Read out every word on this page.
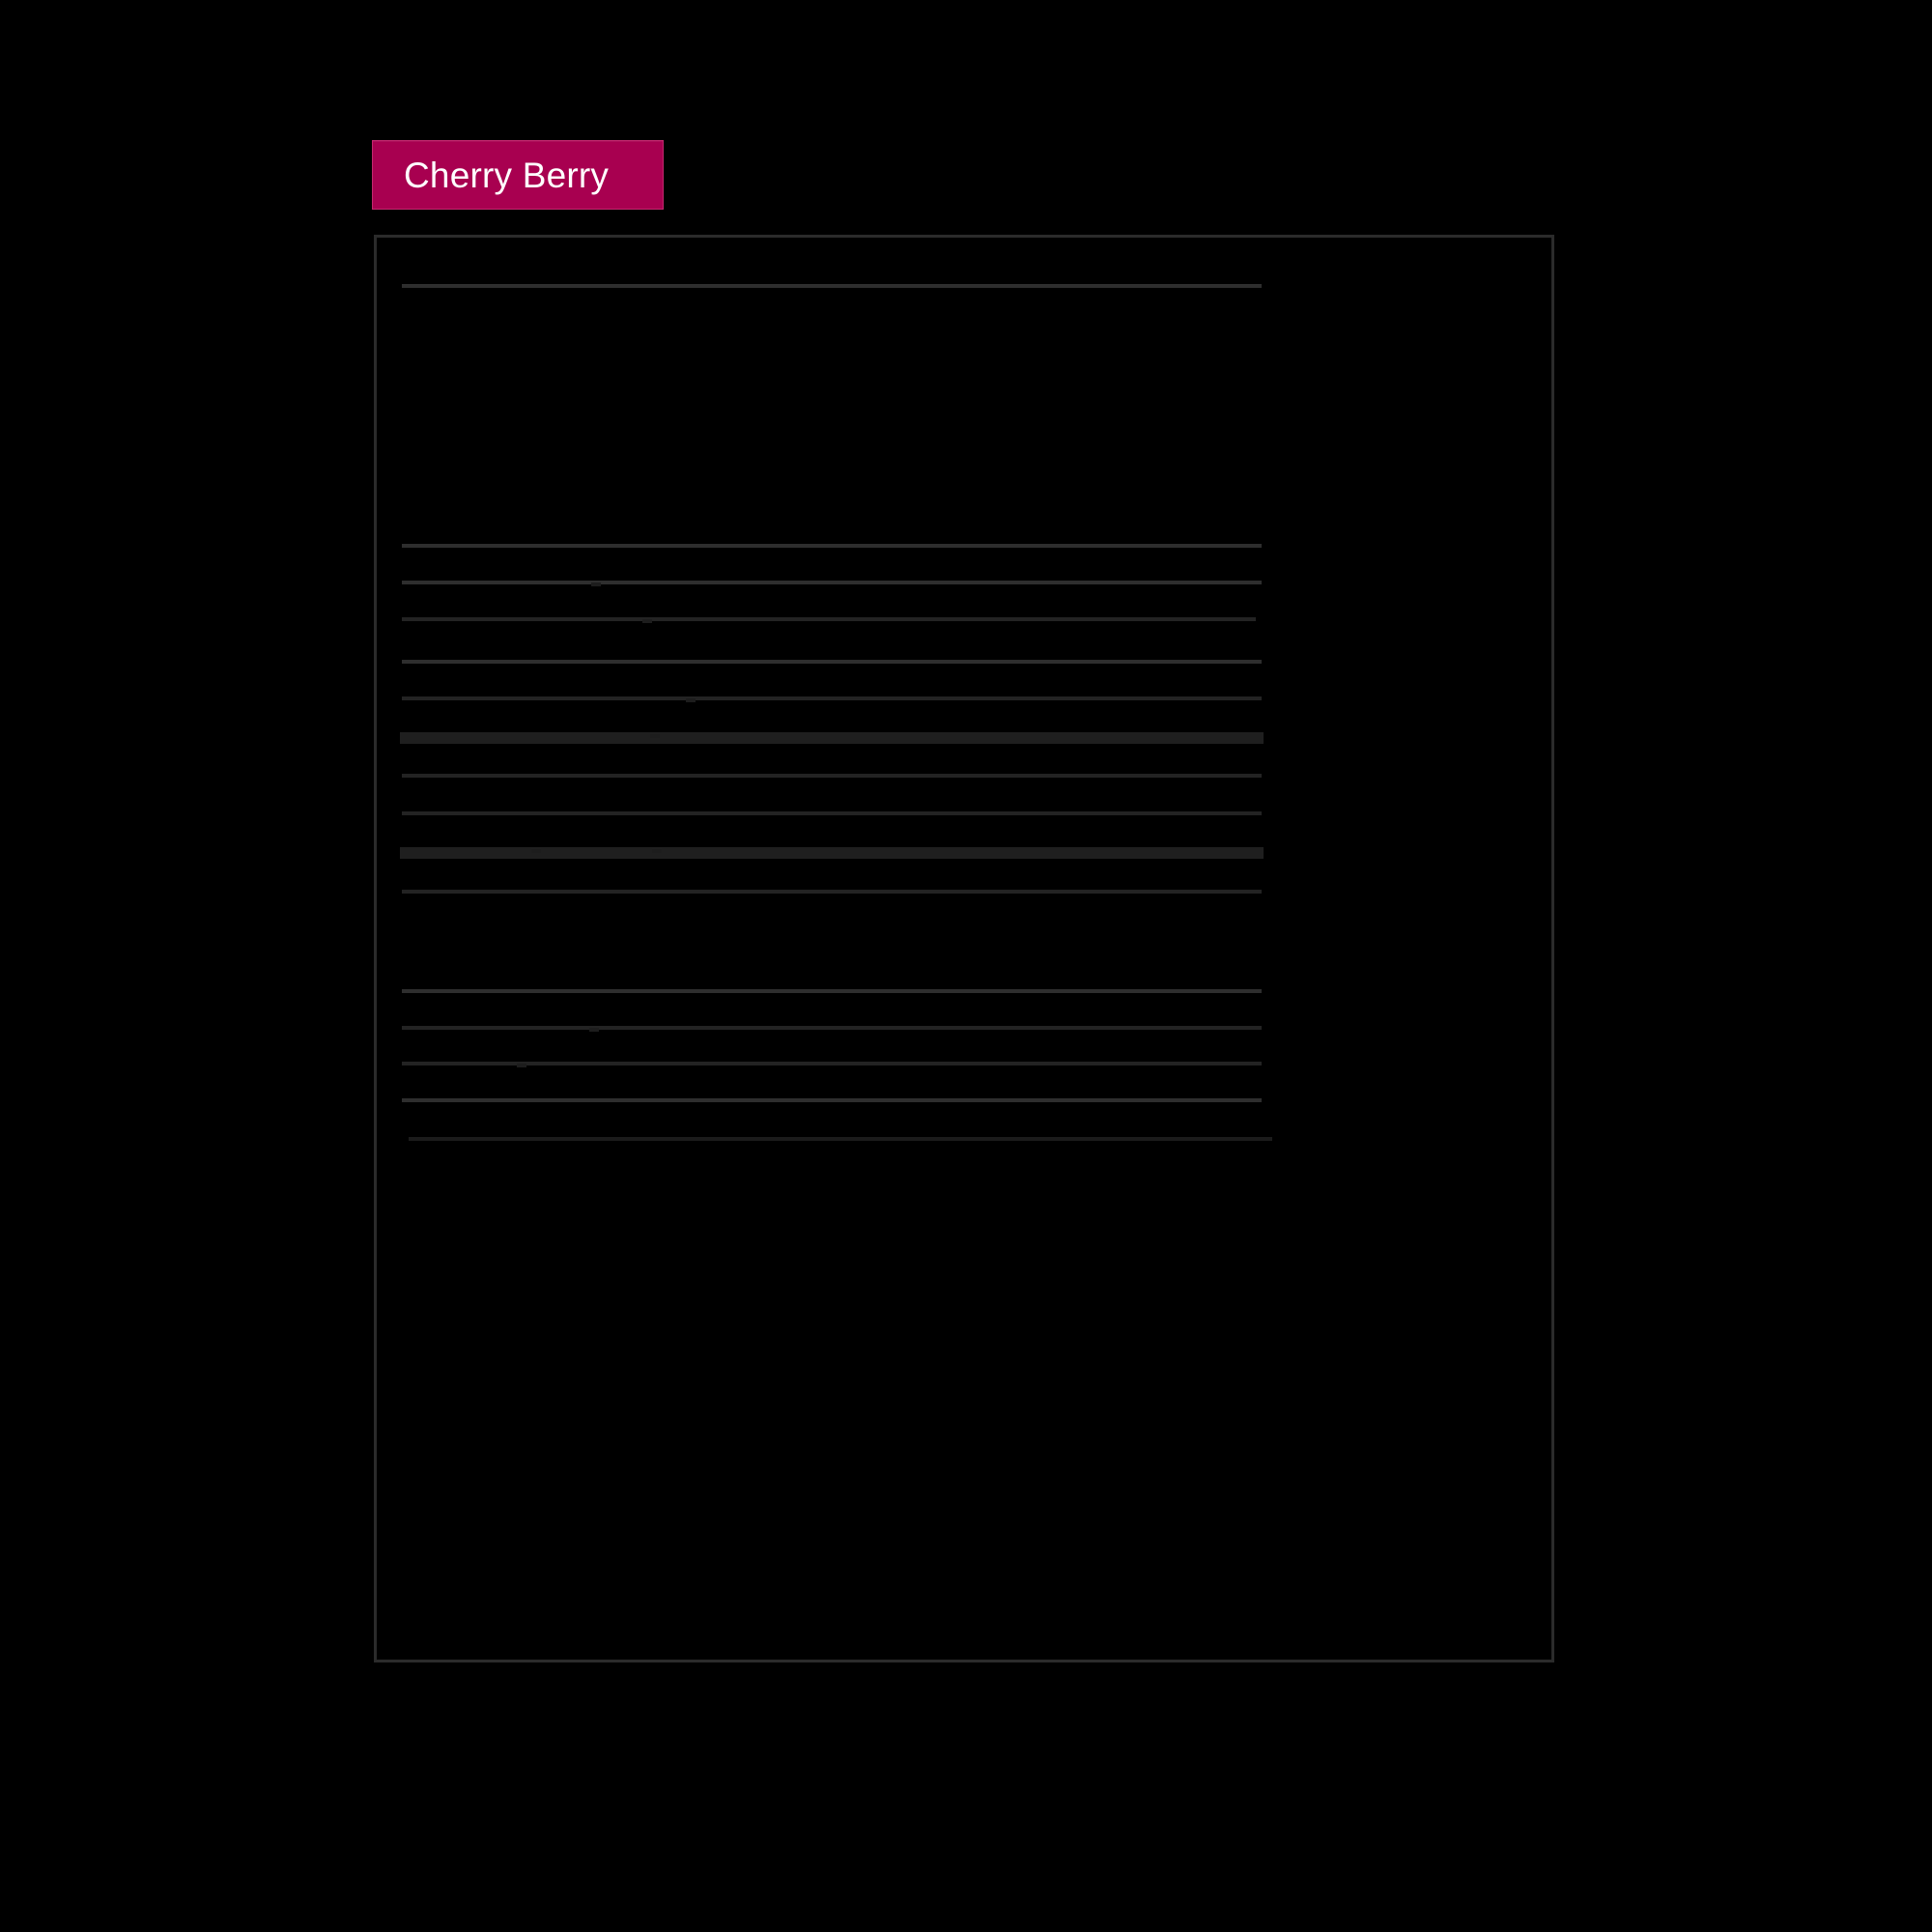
Cherry Berry
